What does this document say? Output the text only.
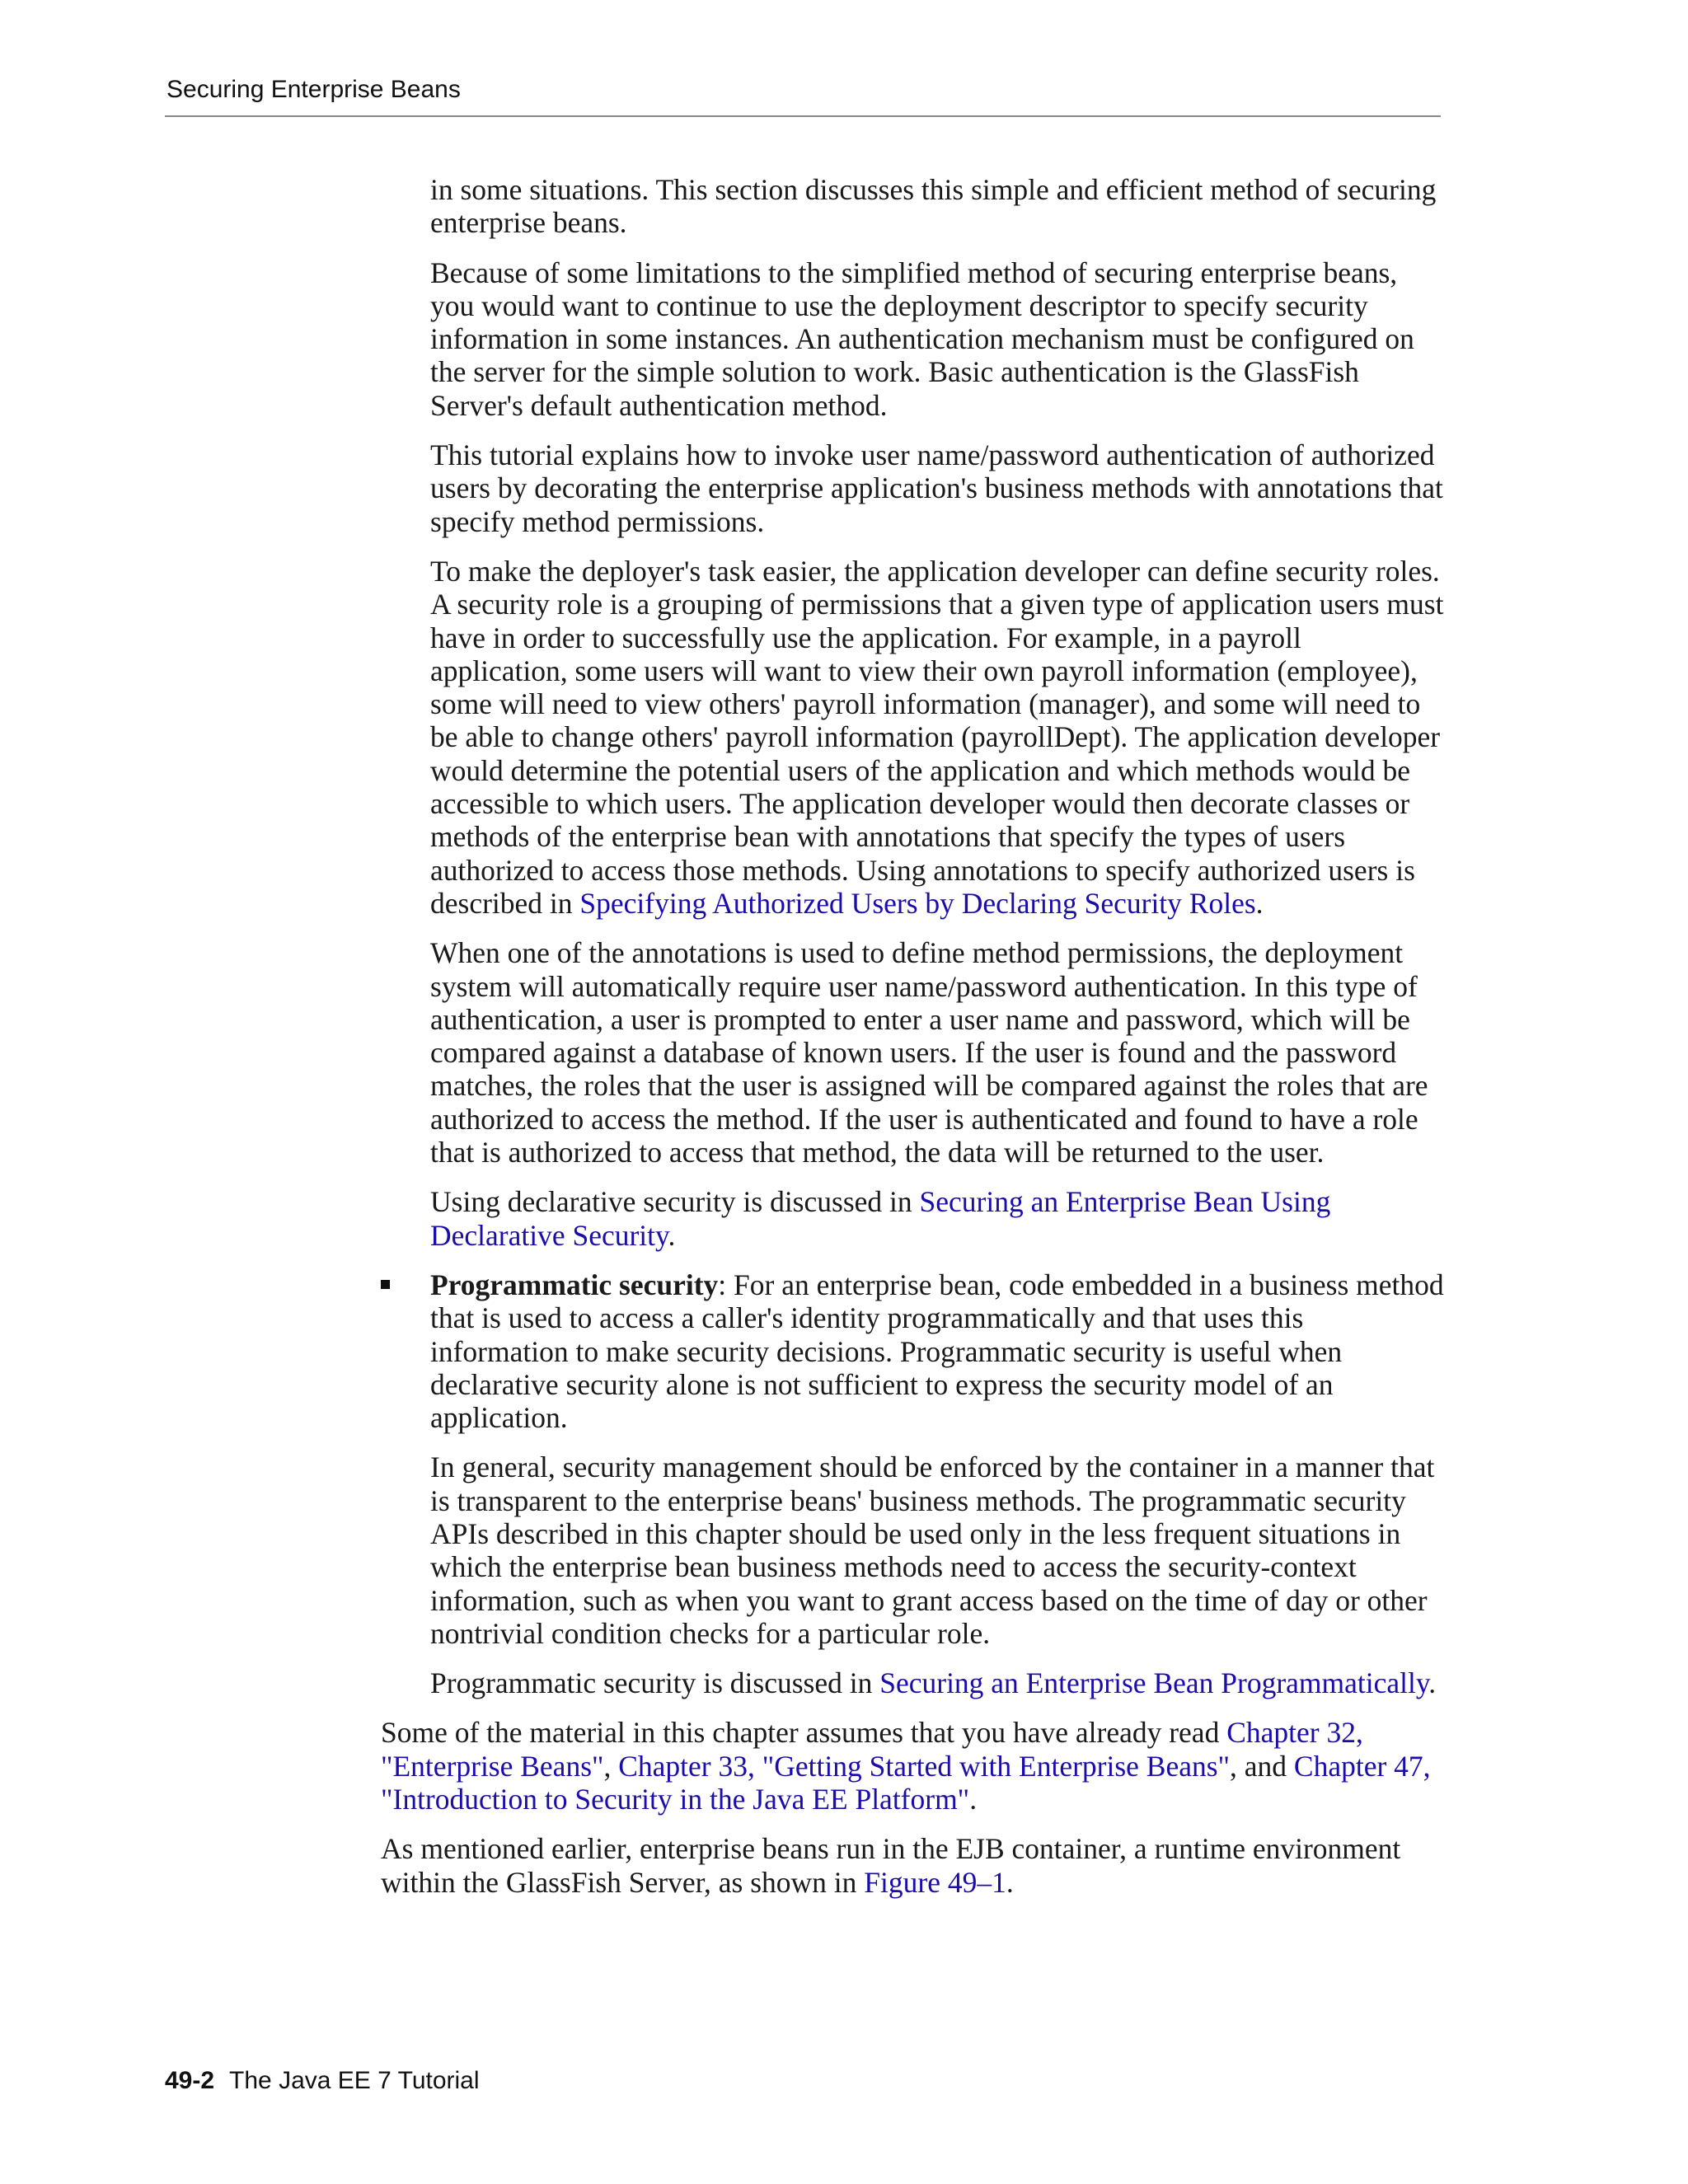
Securing Enterprise Beans

in some situations. This section discusses this simple and efficient method of securing enterprise beans.

Because of some limitations to the simplified method of securing enterprise beans, you would want to continue to use the deployment descriptor to specify security information in some instances. An authentication mechanism must be configured on the server for the simple solution to work. Basic authentication is the GlassFish Server's default authentication method.

This tutorial explains how to invoke user name/password authentication of authorized users by decorating the enterprise application's business methods with annotations that specify method permissions.

To make the deployer's task easier, the application developer can define security roles. A security role is a grouping of permissions that a given type of application users must have in order to successfully use the application. For example, in a payroll application, some users will want to view their own payroll information (employee), some will need to view others' payroll information (manager), and some will need to be able to change others' payroll information (payrollDept). The application developer would determine the potential users of the application and which methods would be accessible to which users. The application developer would then decorate classes or methods of the enterprise bean with annotations that specify the types of users authorized to access those methods. Using annotations to specify authorized users is described in Specifying Authorized Users by Declaring Security Roles.

When one of the annotations is used to define method permissions, the deployment system will automatically require user name/password authentication. In this type of authentication, a user is prompted to enter a user name and password, which will be compared against a database of known users. If the user is found and the password matches, the roles that the user is assigned will be compared against the roles that are authorized to access the method. If the user is authenticated and found to have a role that is authorized to access that method, the data will be returned to the user.

Using declarative security is discussed in Securing an Enterprise Bean Using Declarative Security.

Programmatic security: For an enterprise bean, code embedded in a business method that is used to access a caller's identity programmatically and that uses this information to make security decisions. Programmatic security is useful when declarative security alone is not sufficient to express the security model of an application.

In general, security management should be enforced by the container in a manner that is transparent to the enterprise beans' business methods. The programmatic security APIs described in this chapter should be used only in the less frequent situations in which the enterprise bean business methods need to access the security-context information, such as when you want to grant access based on the time of day or other nontrivial condition checks for a particular role.

Programmatic security is discussed in Securing an Enterprise Bean Programmatically.

Some of the material in this chapter assumes that you have already read Chapter 32, "Enterprise Beans", Chapter 33, "Getting Started with Enterprise Beans", and Chapter 47, "Introduction to Security in the Java EE Platform".

As mentioned earlier, enterprise beans run in the EJB container, a runtime environment within the GlassFish Server, as shown in Figure 49–1.

49-2 The Java EE 7 Tutorial
